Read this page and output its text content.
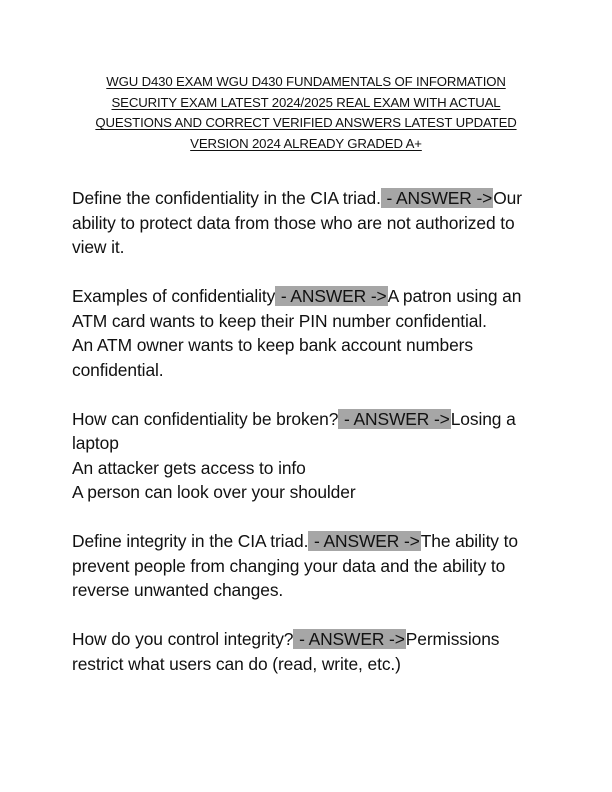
WGU D430 EXAM WGU D430 FUNDAMENTALS OF INFORMATION SECURITY EXAM LATEST 2024/2025 REAL EXAM WITH ACTUAL QUESTIONS AND CORRECT VERIFIED ANSWERS LATEST UPDATED VERSION 2024 ALREADY GRADED A+

Define the confidentiality in the CIA triad. - ANSWER ->Our ability to protect data from those who are not authorized to view it.

Examples of confidentiality - ANSWER ->A patron using an ATM card wants to keep their PIN number confidential.
An ATM owner wants to keep bank account numbers confidential.

How can confidentiality be broken? - ANSWER ->Losing a laptop
An attacker gets access to info
A person can look over your shoulder

Define integrity in the CIA triad. - ANSWER ->The ability to prevent people from changing your data and the ability to reverse unwanted changes.

How do you control integrity? - ANSWER ->Permissions restrict what users can do (read, write, etc.)
